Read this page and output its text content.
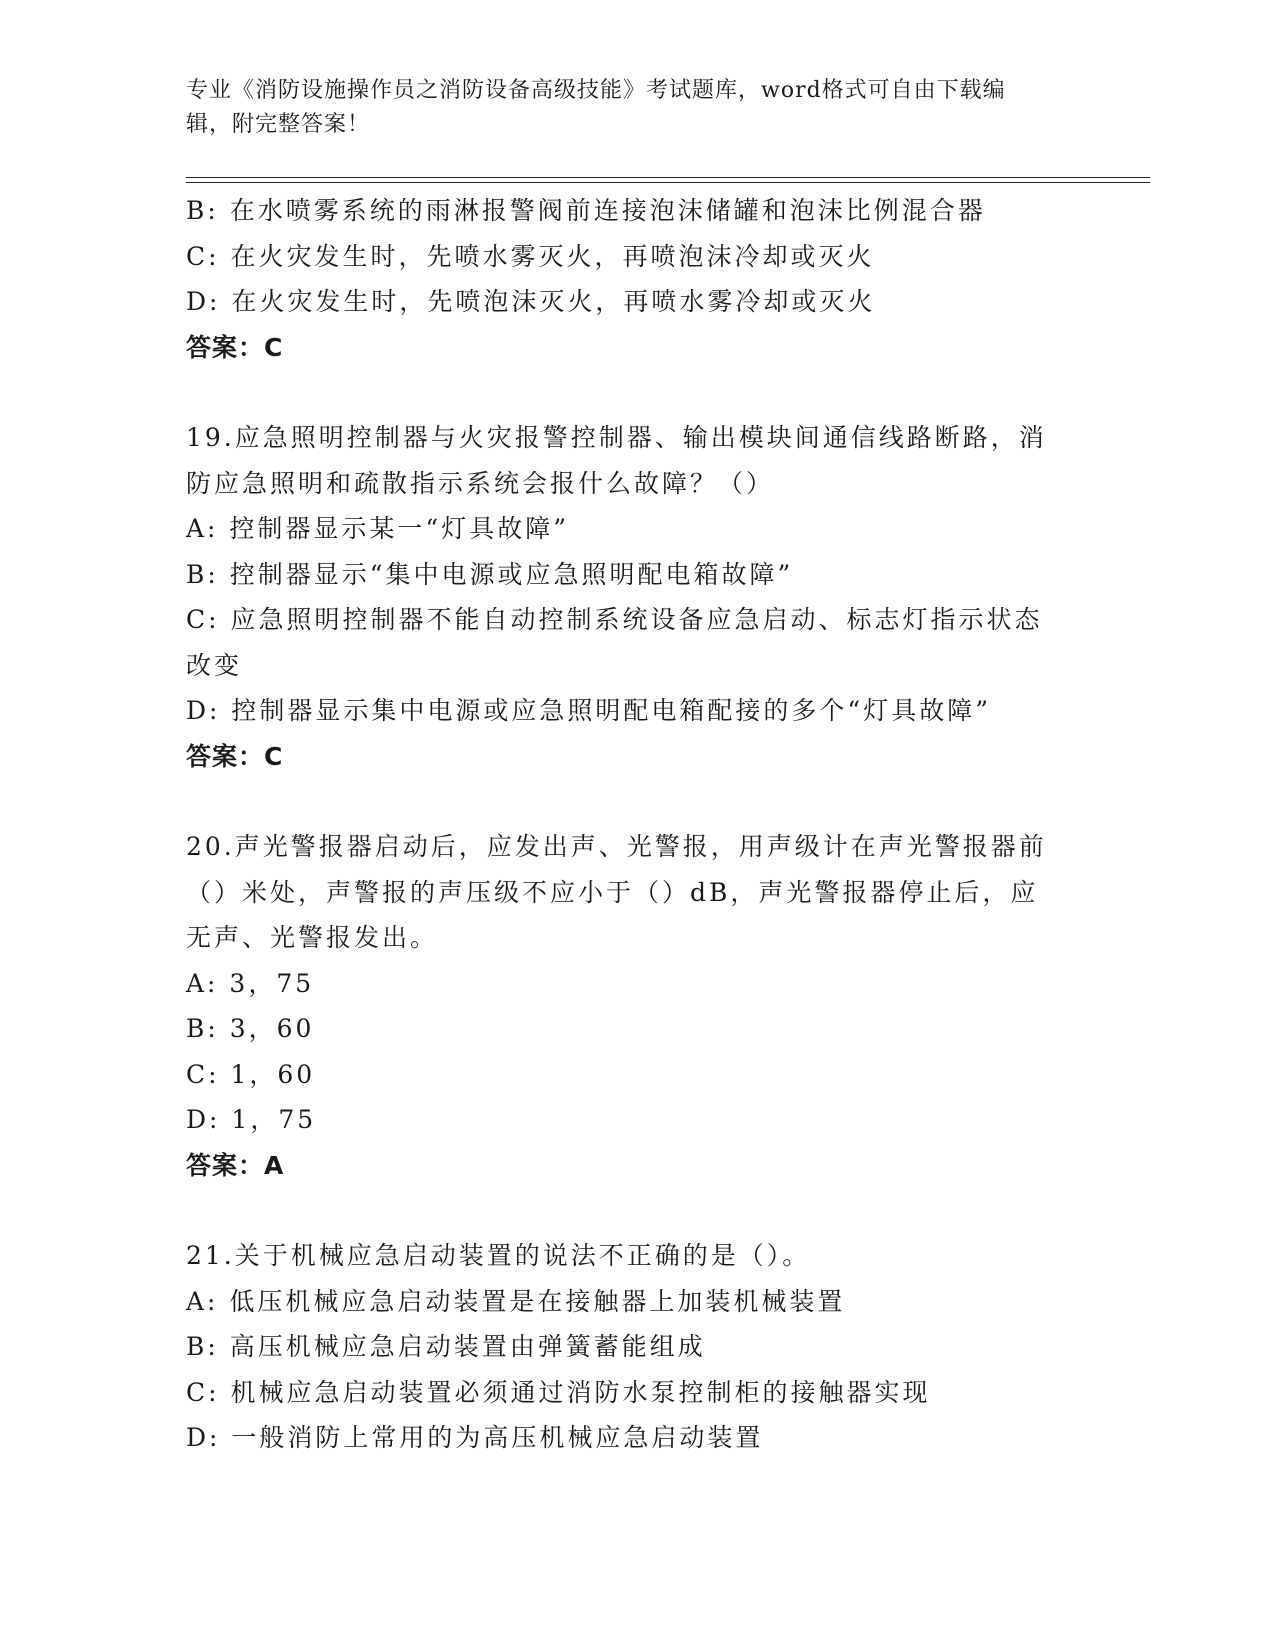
专业《消防设施操作员之消防设备高级技能》考试题库，word格式可自由下载编
辑，附完整答案！

B: 在水喷雾系统的雨淋报警阀前连接泡沫储罐和泡沫比例混合器

C: 在火灾发生时，先喷水雾灭火，再喷泡沫冷却或灭火

D: 在火灾发生时，先喷泡沫灭火，再喷水雾冷却或灭火

答案：C

19.应急照明控制器与火灾报警控制器、输出模块间通信线路断路，消

防应急照明和疏散指示系统会报什么故障？（）

A: 控制器显示某一“灯具故障”

B: 控制器显示“集中电源或应急照明配电箱故障”

C: 应急照明控制器不能自动控制系统设备应急启动、标志灯指示状态

改变

D: 控制器显示集中电源或应急照明配电箱配接的多个“灯具故障”

答案：C

20.声光警报器启动后，应发出声、光警报，用声级计在声光警报器前

（）米处，声警报的声压级不应小于（）dB，声光警报器停止后，应

无声、光警报发出。

A: 3，75

B: 3，60

C: 1，60

D: 1，75

答案：A

21.关于机械应急启动装置的说法不正确的是（）。

A: 低压机械应急启动装置是在接触器上加装机械装置

B: 高压机械应急启动装置由弹簧蓄能组成

C: 机械应急启动装置必须通过消防水泵控制柜的接触器实现

D: 一般消防上常用的为高压机械应急启动装置
